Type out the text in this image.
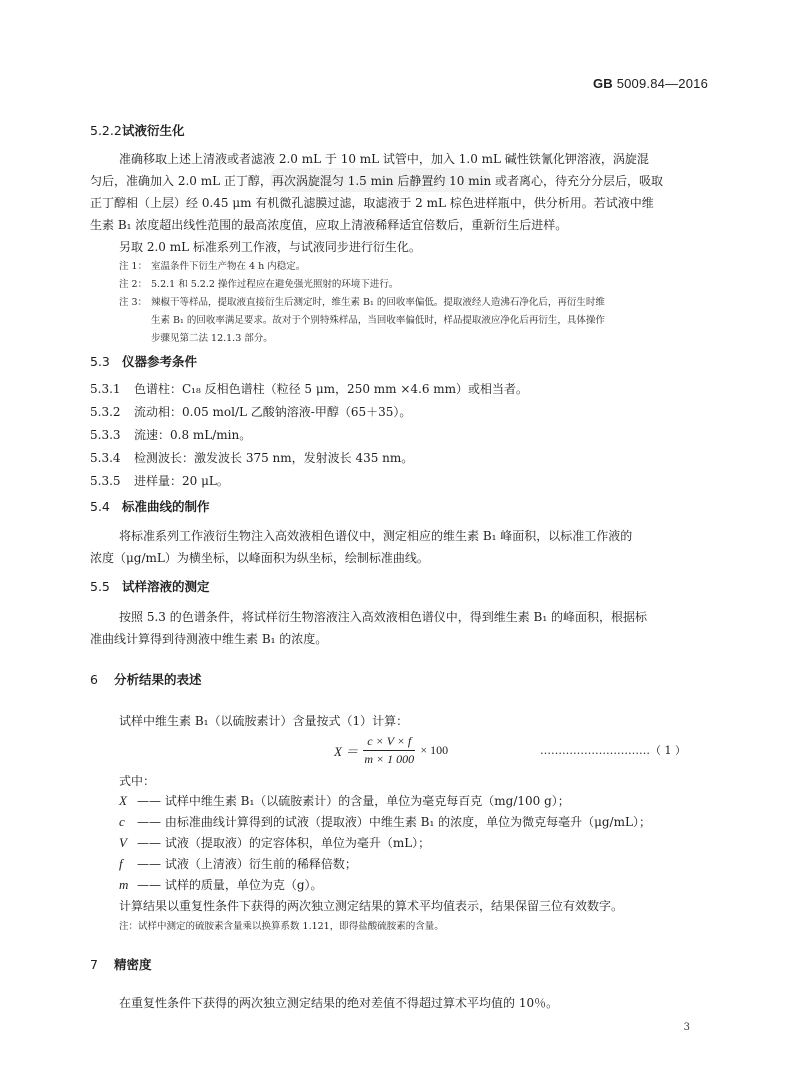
GB 5009.84—2016
5.2.2试液衍生化
准确移取上述上清液或者滤液 2.0 mL 于 10 mL 试管中，加入 1.0 mL 碱性铁氰化钾溶液，涡旋混
匀后，准确加入 2.0 mL 正丁醇，再次涡旋混匀 1.5 min 后静置约 10 min 或者离心，待充分分层后，吸取
正丁醇相（上层）经 0.45 μm 有机微孔滤膜过滤，取滤液于 2 mL 棕色进样瓶中，供分析用。若试液中维
生素 B₁ 浓度超出线性范围的最高浓度值，应取上清液稀释适宜倍数后，重新衍生后进样。
另取 2.0 mL 标准系列工作液，与试液同步进行衍生化。
注 1： 室温条件下衍生产物在 4 h 内稳定。
注 2： 5.2.1 和 5.2.2 操作过程应在避免强光照射的环境下进行。
注 3： 辣椒干等样品，提取液直接衍生后测定时，维生素 B₁ 的回收率偏低。提取液经人造沸石净化后，再衍生时维
生素 B₁ 的回收率满足要求。故对于个别特殊样品，当回收率偏低时，样品提取液应净化后再衍生，具体操作
步骤见第二法 12.1.3 部分。
5.3 仪器参考条件
5.3.1 色谱柱：C₁₈ 反相色谱柱（粒径 5 μm，250 mm ×4.6 mm）或相当者。
5.3.2 流动相：0.05 mol/L 乙酸钠溶液-甲醇（65＋35）。
5.3.3 流速：0.8 mL/min。
5.3.4 检测波长：激发波长 375 nm，发射波长 435 nm。
5.3.5 进样量：20 μL。
5.4 标准曲线的制作
将标准系列工作液衍生物注入高效液相色谱仪中，测定相应的维生素 B₁ 峰面积，以标准工作液的
浓度（μg/mL）为横坐标，以峰面积为纵坐标，绘制标准曲线。
5.5 试样溶液的测定
按照 5.3 的色谱条件，将试样衍生物溶液注入高效液相色谱仪中，得到维生素 B₁ 的峰面积，根据标
准曲线计算得到待测液中维生素 B₁ 的浓度。
6 分析结果的表述
试样中维生素 B₁（以硫胺素计）含量按式（1）计算：
$X = \frac{c \times V \times f}{m \times 1 000} \times 100$	…………………………（ 1 ）
式中：
X —— 试样中维生素 B₁（以硫胺素计）的含量，单位为毫克每百克（mg/100 g）；
c —— 由标准曲线计算得到的试液（提取液）中维生素 B₁ 的浓度，单位为微克每毫升（μg/mL）；
V —— 试液（提取液）的定容体积，单位为毫升（mL）；
f —— 试液（上清液）衍生前的稀释倍数；
m —— 试样的质量，单位为克（g）。
计算结果以重复性条件下获得的两次独立测定结果的算术平均值表示，结果保留三位有效数字。
注：试样中测定的硫胺素含量乘以换算系数 1.121，即得盐酸硫胺素的含量。
7 精密度
在重复性条件下获得的两次独立测定结果的绝对差值不得超过算术平均值的 10％。
3
